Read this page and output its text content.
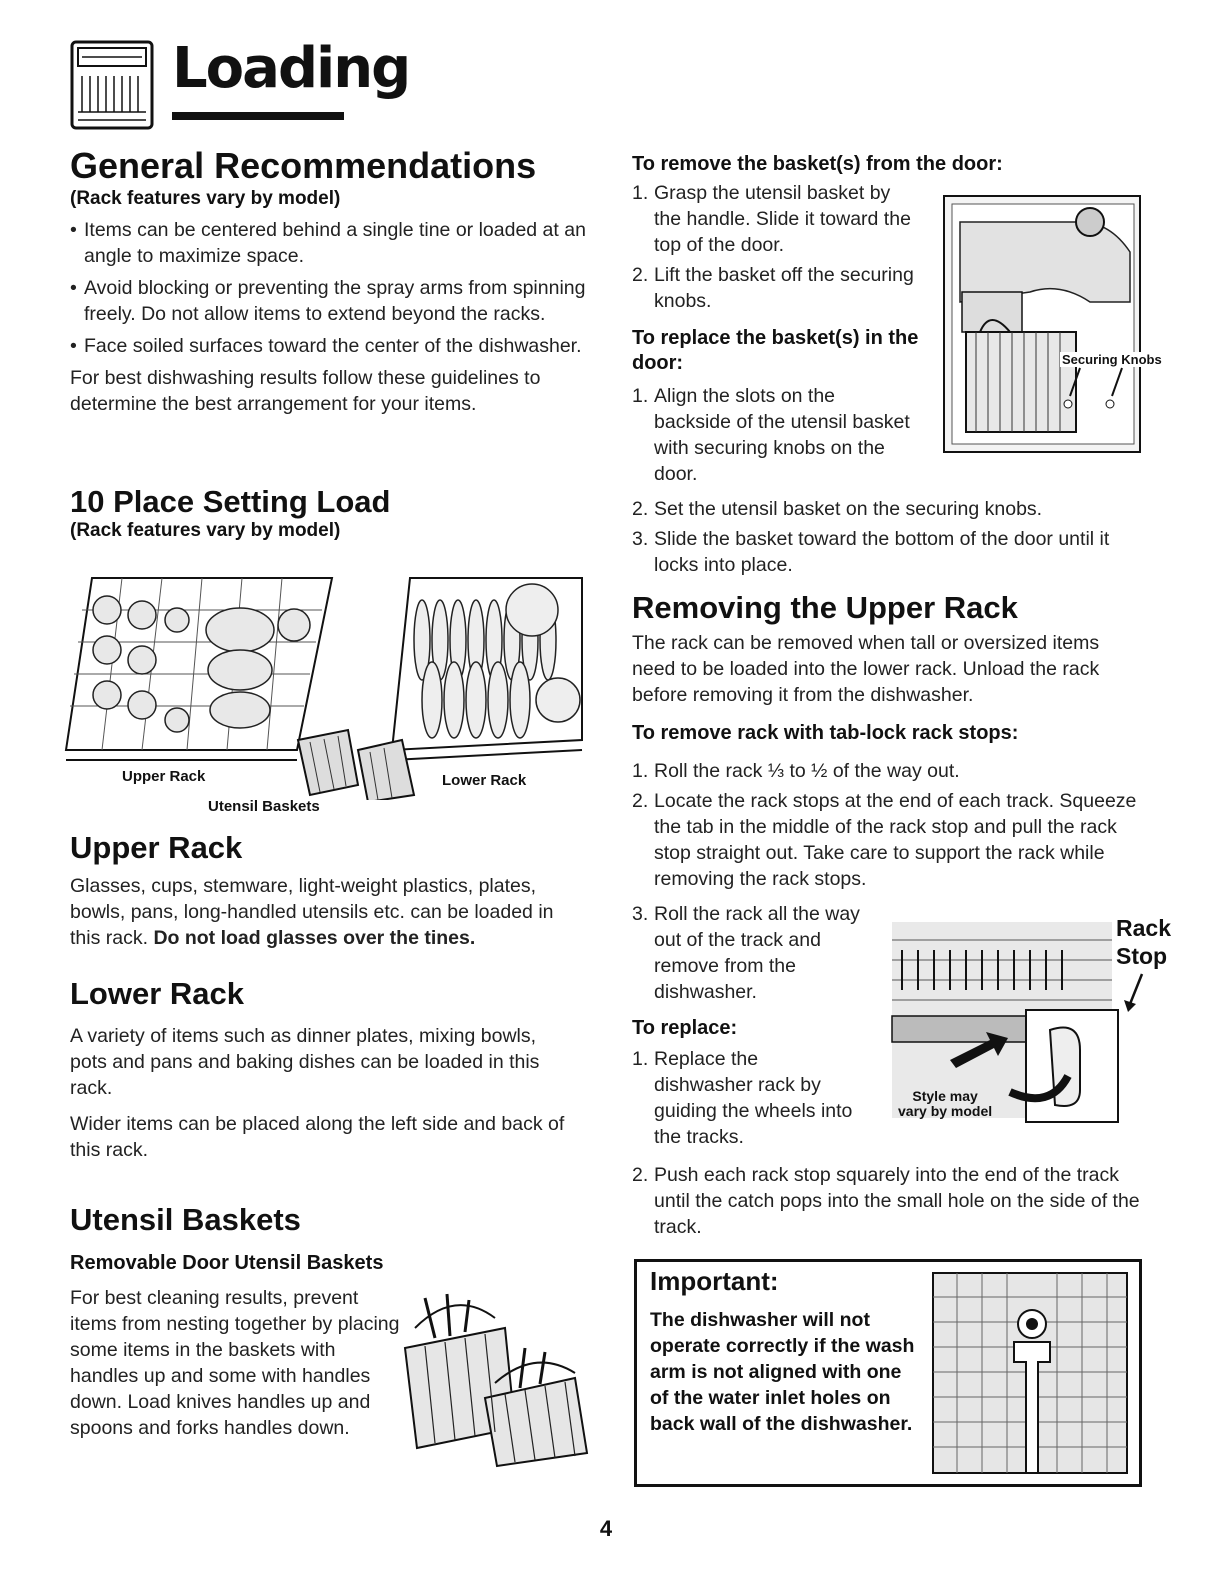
Loading
General Recommendations
(Rack features vary by model)

• Items can be centered behind a single tine or loaded at an angle to maximize space.

• Avoid blocking or preventing the spray arms from spinning freely. Do not allow items to extend beyond the racks.

• Face soiled surfaces toward the center of the dishwasher.

For best dishwashing results follow these guidelines to determine the best arrangement for your items.

10 Place Setting Load
(Rack features vary by model)
Upper Rack	Lower Rack
Utensil Baskets
Upper Rack
Glasses, cups, stemware, light-weight plastics, plates, bowls, pans, long-handled utensils etc. can be loaded in this rack. Do not load glasses over the tines.
Lower Rack

A variety of items such as dinner plates, mixing bowls, pots and pans and baking dishes can be loaded in this rack.

Wider items can be placed along the left side and back of this rack.

Utensil Baskets
Removable Door Utensil Baskets
For best cleaning results, prevent items from nesting together by placing some items in the baskets with handles up and some with handles down. Load knives handles up and spoons and forks handles down.
To remove the basket(s) from the door:
1. Grasp the utensil basket by the handle. Slide it toward the top of the door.
2. Lift the basket off the securing knobs.
To replace the basket(s) in the door:
1. Align the slots on the backside of the utensil basket with securing knobs on the door.
2. Set the utensil basket on the securing knobs.
3. Slide the basket toward the bottom of the door until it locks into place.
Securing Knobs
Removing the Upper Rack
The rack can be removed when tall or oversized items need to be loaded into the lower rack. Unload the rack before removing it from the dishwasher.
To remove rack with tab-lock rack stops:
1. Roll the rack ⅓ to ½ of the way out.
2. Locate the rack stops at the end of each track. Squeeze the tab in the middle of the rack stop and pull the rack stop straight out. Take care to support the rack while removing the rack stops.
3. Roll the rack all the way out of the track and remove from the dishwasher.
To replace:
1. Replace the dishwasher rack by guiding the wheels into the tracks.
2. Push each rack stop squarely into the end of the track until the catch pops into the small hole on the side of the track.
Rack
Stop
Style may
vary by model
Important:
The dishwasher will not operate correctly if the wash arm is not aligned with one of the water inlet holes on back wall of the dishwasher.
4
